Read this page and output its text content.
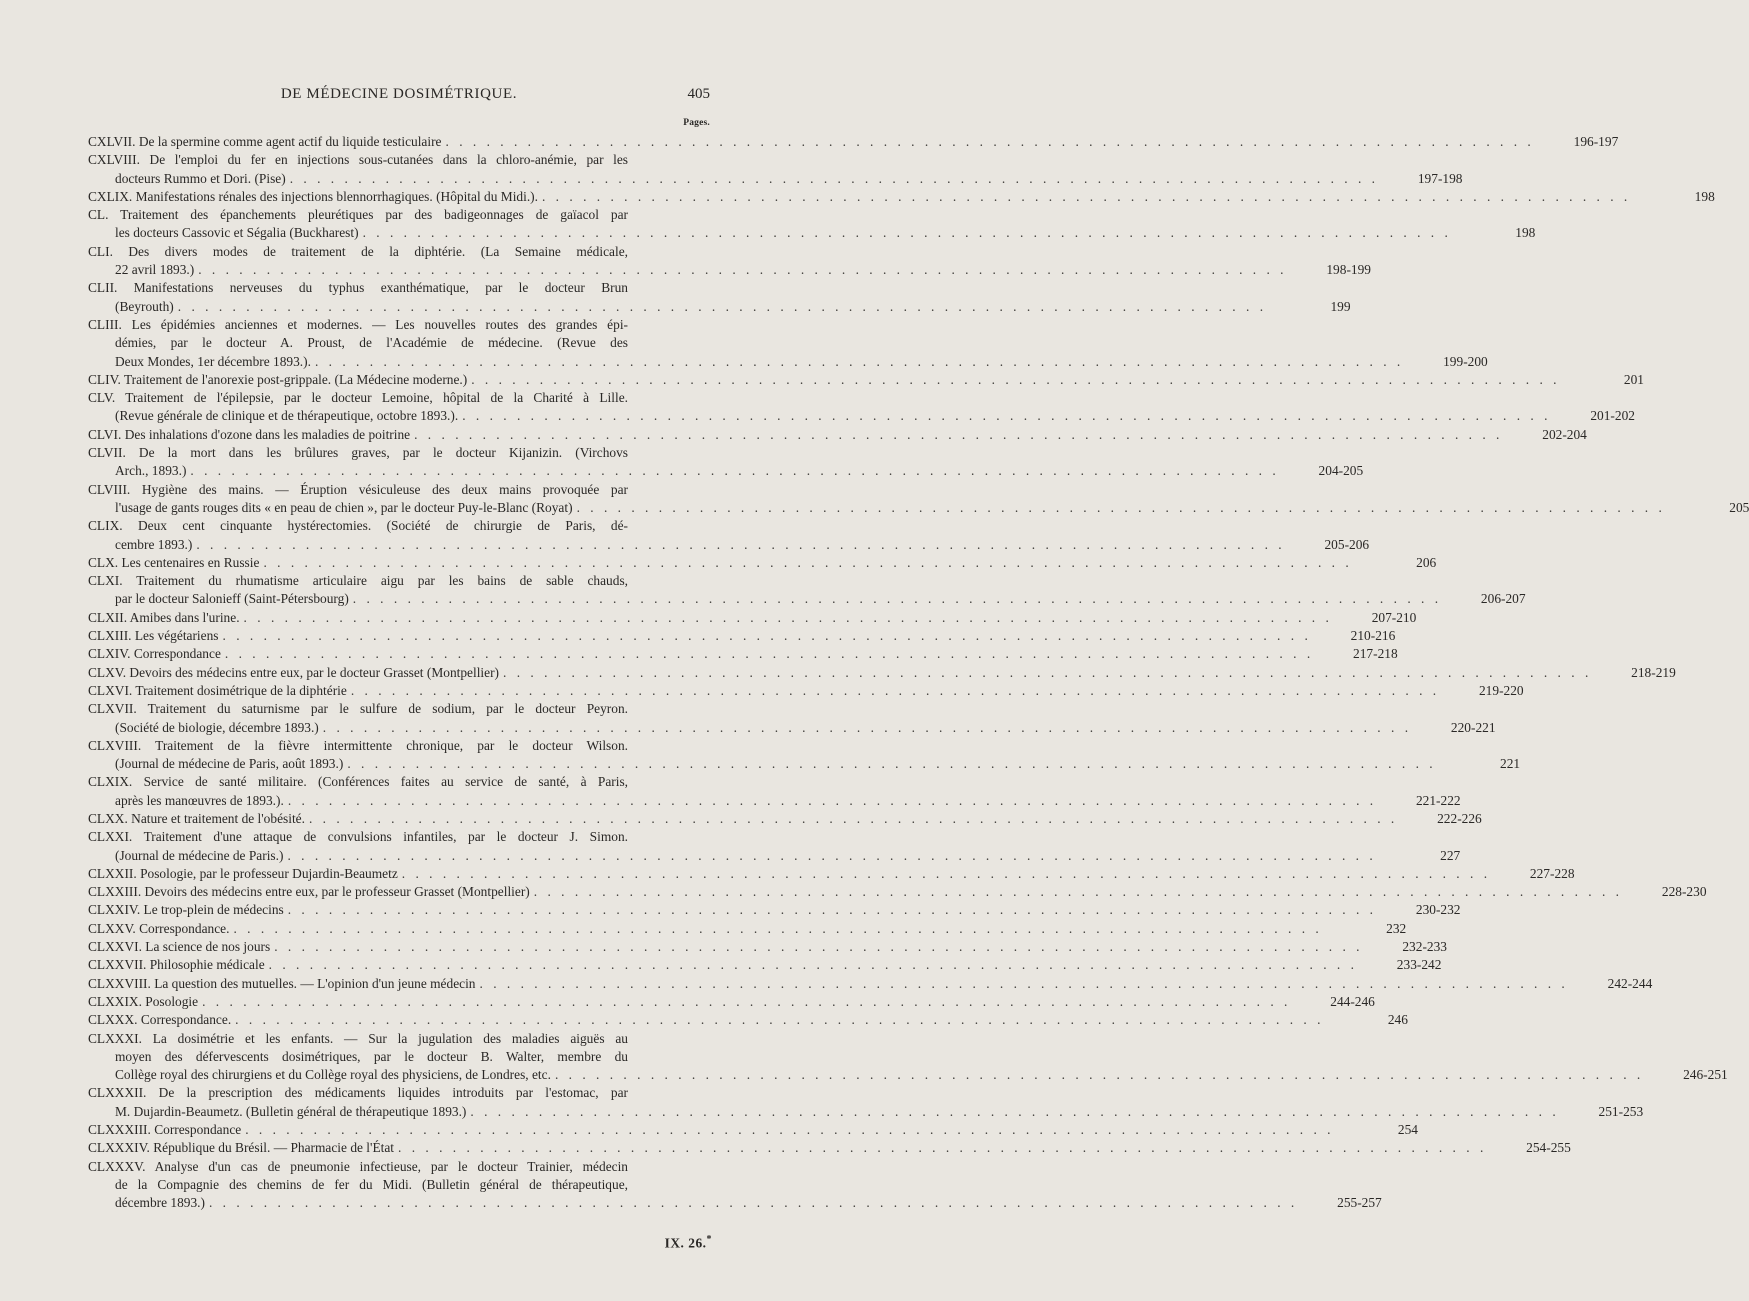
DE MÉDECINE DOSIMÉTRIQUE.	405
Pages.
CXLVII. De la spermine comme agent actif du liquide testiculaire . . . . . . . . . . . . . . . . . . . . . . . . . . . . . . . . . . . . . . . . . . . . . . . . . . . . . . . . . . . . . . . . . . . . . . . . . . . . . . . .	196-197
CXLVIII. De l'emploi du fer en injections sous-cutanées dans la chloro-anémie, par les
docteurs Rummo et Dori. (Pise) . . . . . . . . . . . . . . . . . . . . . . . . . . . . . . . . . . . . . . . . . . . . . . . . . . . . . . . . . . . . . . . . . . . . . . . . . . . . . . . .	197-198
CXLIX. Manifestations rénales des injections blennorrhagiques. (Hôpital du Midi.). . . . . . . . . . . . . . . . . . . . . . . . . . . . . . . . . . . . . . . . . . . . . . . . . . . . . . . . . . . . . . . . . . . . . . . . . . . . . . . . .	198
CL. Traitement des épanchements pleurétiques par des badigeonnages de gaïacol par
les docteurs Cassovic et Ségalia (Buckharest) . . . . . . . . . . . . . . . . . . . . . . . . . . . . . . . . . . . . . . . . . . . . . . . . . . . . . . . . . . . . . . . . . . . . . . . . . . . . . . . .	198
CLI. Des divers modes de traitement de la diphtérie. (La Semaine médicale,
22 avril 1893.) . . . . . . . . . . . . . . . . . . . . . . . . . . . . . . . . . . . . . . . . . . . . . . . . . . . . . . . . . . . . . . . . . . . . . . . . . . . . . . . .	198-199
CLII. Manifestations nerveuses du typhus exanthématique, par le docteur Brun
(Beyrouth) . . . . . . . . . . . . . . . . . . . . . . . . . . . . . . . . . . . . . . . . . . . . . . . . . . . . . . . . . . . . . . . . . . . . . . . . . . . . . . . .	199
CLIII. Les épidémies anciennes et modernes. — Les nouvelles routes des grandes épi-
démies, par le docteur A. Proust, de l'Académie de médecine. (Revue des
Deux Mondes, 1er décembre 1893.). . . . . . . . . . . . . . . . . . . . . . . . . . . . . . . . . . . . . . . . . . . . . . . . . . . . . . . . . . . . . . . . . . . . . . . . . . . . . . . . .	199-200
CLIV. Traitement de l'anorexie post-grippale. (La Médecine moderne.) . . . . . . . . . . . . . . . . . . . . . . . . . . . . . . . . . . . . . . . . . . . . . . . . . . . . . . . . . . . . . . . . . . . . . . . . . . . . . . . .	201
CLV. Traitement de l'épilepsie, par le docteur Lemoine, hôpital de la Charité à Lille.
(Revue générale de clinique et de thérapeutique, octobre 1893.). . . . . . . . . . . . . . . . . . . . . . . . . . . . . . . . . . . . . . . . . . . . . . . . . . . . . . . . . . . . . . . . . . . . . . . . . . . . . . . . .	201-202
CLVI. Des inhalations d'ozone dans les maladies de poitrine . . . . . . . . . . . . . . . . . . . . . . . . . . . . . . . . . . . . . . . . . . . . . . . . . . . . . . . . . . . . . . . . . . . . . . . . . . . . . . . .	202-204
CLVII. De la mort dans les brûlures graves, par le docteur Kijanizin. (Virchovs
Arch., 1893.) . . . . . . . . . . . . . . . . . . . . . . . . . . . . . . . . . . . . . . . . . . . . . . . . . . . . . . . . . . . . . . . . . . . . . . . . . . . . . . . .	204-205
CLVIII. Hygiène des mains. — Éruption vésiculeuse des deux mains provoquée par
l'usage de gants rouges dits « en peau de chien », par le docteur Puy-le-Blanc (Royat) . . . . . . . . . . . . . . . . . . . . . . . . . . . . . . . . . . . . . . . . . . . . . . . . . . . . . . . . . . . . . . . . . . . . . . . . . . . . . . . .	205
CLIX. Deux cent cinquante hystérectomies. (Société de chirurgie de Paris, dé-
cembre 1893.) . . . . . . . . . . . . . . . . . . . . . . . . . . . . . . . . . . . . . . . . . . . . . . . . . . . . . . . . . . . . . . . . . . . . . . . . . . . . . . . .	205-206
CLX. Les centenaires en Russie . . . . . . . . . . . . . . . . . . . . . . . . . . . . . . . . . . . . . . . . . . . . . . . . . . . . . . . . . . . . . . . . . . . . . . . . . . . . . . . .	206
CLXI. Traitement du rhumatisme articulaire aigu par les bains de sable chauds,
par le docteur Salonieff (Saint-Pétersbourg) . . . . . . . . . . . . . . . . . . . . . . . . . . . . . . . . . . . . . . . . . . . . . . . . . . . . . . . . . . . . . . . . . . . . . . . . . . . . . . . .	206-207
CLXII. Amibes dans l'urine. . . . . . . . . . . . . . . . . . . . . . . . . . . . . . . . . . . . . . . . . . . . . . . . . . . . . . . . . . . . . . . . . . . . . . . . . . . . . . . . .	207-210
CLXIII. Les végétariens . . . . . . . . . . . . . . . . . . . . . . . . . . . . . . . . . . . . . . . . . . . . . . . . . . . . . . . . . . . . . . . . . . . . . . . . . . . . . . . .	210-216
CLXIV. Correspondance . . . . . . . . . . . . . . . . . . . . . . . . . . . . . . . . . . . . . . . . . . . . . . . . . . . . . . . . . . . . . . . . . . . . . . . . . . . . . . . .	217-218
CLXV. Devoirs des médecins entre eux, par le docteur Grasset (Montpellier) . . . . . . . . . . . . . . . . . . . . . . . . . . . . . . . . . . . . . . . . . . . . . . . . . . . . . . . . . . . . . . . . . . . . . . . . . . . . . . . .	218-219
CLXVI. Traitement dosimétrique de la diphtérie . . . . . . . . . . . . . . . . . . . . . . . . . . . . . . . . . . . . . . . . . . . . . . . . . . . . . . . . . . . . . . . . . . . . . . . . . . . . . . . .	219-220
CLXVII. Traitement du saturnisme par le sulfure de sodium, par le docteur Peyron.
(Société de biologie, décembre 1893.) . . . . . . . . . . . . . . . . . . . . . . . . . . . . . . . . . . . . . . . . . . . . . . . . . . . . . . . . . . . . . . . . . . . . . . . . . . . . . . . .	220-221
CLXVIII. Traitement de la fièvre intermittente chronique, par le docteur Wilson.
(Journal de médecine de Paris, août 1893.) . . . . . . . . . . . . . . . . . . . . . . . . . . . . . . . . . . . . . . . . . . . . . . . . . . . . . . . . . . . . . . . . . . . . . . . . . . . . . . . .	221
CLXIX. Service de santé militaire. (Conférences faites au service de santé, à Paris,
après les manœuvres de 1893.). . . . . . . . . . . . . . . . . . . . . . . . . . . . . . . . . . . . . . . . . . . . . . . . . . . . . . . . . . . . . . . . . . . . . . . . . . . . . . . . .	221-222
CLXX. Nature et traitement de l'obésité. . . . . . . . . . . . . . . . . . . . . . . . . . . . . . . . . . . . . . . . . . . . . . . . . . . . . . . . . . . . . . . . . . . . . . . . . . . . . . . . .	222-226
CLXXI. Traitement d'une attaque de convulsions infantiles, par le docteur J. Simon.
(Journal de médecine de Paris.) . . . . . . . . . . . . . . . . . . . . . . . . . . . . . . . . . . . . . . . . . . . . . . . . . . . . . . . . . . . . . . . . . . . . . . . . . . . . . . . .	227
CLXXII. Posologie, par le professeur Dujardin-Beaumetz . . . . . . . . . . . . . . . . . . . . . . . . . . . . . . . . . . . . . . . . . . . . . . . . . . . . . . . . . . . . . . . . . . . . . . . . . . . . . . . .	227-228
CLXXIII. Devoirs des médecins entre eux, par le professeur Grasset (Montpellier) . . . . . . . . . . . . . . . . . . . . . . . . . . . . . . . . . . . . . . . . . . . . . . . . . . . . . . . . . . . . . . . . . . . . . . . . . . . . . . . .	228-230
CLXXIV. Le trop-plein de médecins . . . . . . . . . . . . . . . . . . . . . . . . . . . . . . . . . . . . . . . . . . . . . . . . . . . . . . . . . . . . . . . . . . . . . . . . . . . . . . . .	230-232
CLXXV. Correspondance. . . . . . . . . . . . . . . . . . . . . . . . . . . . . . . . . . . . . . . . . . . . . . . . . . . . . . . . . . . . . . . . . . . . . . . . . . . . . . . . .	232
CLXXVI. La science de nos jours . . . . . . . . . . . . . . . . . . . . . . . . . . . . . . . . . . . . . . . . . . . . . . . . . . . . . . . . . . . . . . . . . . . . . . . . . . . . . . . .	232-233
CLXXVII. Philosophie médicale . . . . . . . . . . . . . . . . . . . . . . . . . . . . . . . . . . . . . . . . . . . . . . . . . . . . . . . . . . . . . . . . . . . . . . . . . . . . . . . .	233-242
CLXXVIII. La question des mutuelles. — L'opinion d'un jeune médecin . . . . . . . . . . . . . . . . . . . . . . . . . . . . . . . . . . . . . . . . . . . . . . . . . . . . . . . . . . . . . . . . . . . . . . . . . . . . . . . .	242-244
CLXXIX. Posologie . . . . . . . . . . . . . . . . . . . . . . . . . . . . . . . . . . . . . . . . . . . . . . . . . . . . . . . . . . . . . . . . . . . . . . . . . . . . . . . .	244-246
CLXXX. Correspondance. . . . . . . . . . . . . . . . . . . . . . . . . . . . . . . . . . . . . . . . . . . . . . . . . . . . . . . . . . . . . . . . . . . . . . . . . . . . . . . . .	246
CLXXXI. La dosimétrie et les enfants. — Sur la jugulation des maladies aiguës au
moyen des défervescents dosimétriques, par le docteur B. Walter, membre du
Collège royal des chirurgiens et du Collège royal des physiciens, de Londres, etc. . . . . . . . . . . . . . . . . . . . . . . . . . . . . . . . . . . . . . . . . . . . . . . . . . . . . . . . . . . . . . . . . . . . . . . . . . . . . . . . .	246-251
CLXXXII. De la prescription des médicaments liquides introduits par l'estomac, par
M. Dujardin-Beaumetz. (Bulletin général de thérapeutique 1893.) . . . . . . . . . . . . . . . . . . . . . . . . . . . . . . . . . . . . . . . . . . . . . . . . . . . . . . . . . . . . . . . . . . . . . . . . . . . . . . . .	251-253
CLXXXIII. Correspondance . . . . . . . . . . . . . . . . . . . . . . . . . . . . . . . . . . . . . . . . . . . . . . . . . . . . . . . . . . . . . . . . . . . . . . . . . . . . . . . .	254
CLXXXIV. République du Brésil. — Pharmacie de l'État . . . . . . . . . . . . . . . . . . . . . . . . . . . . . . . . . . . . . . . . . . . . . . . . . . . . . . . . . . . . . . . . . . . . . . . . . . . . . . . .	254-255
CLXXXV. Analyse d'un cas de pneumonie infectieuse, par le docteur Trainier, médecin
de la Compagnie des chemins de fer du Midi. (Bulletin général de thérapeutique,
décembre 1893.) . . . . . . . . . . . . . . . . . . . . . . . . . . . . . . . . . . . . . . . . . . . . . . . . . . . . . . . . . . . . . . . . . . . . . . . . . . . . . . . .	255-257
IX. 26.*
